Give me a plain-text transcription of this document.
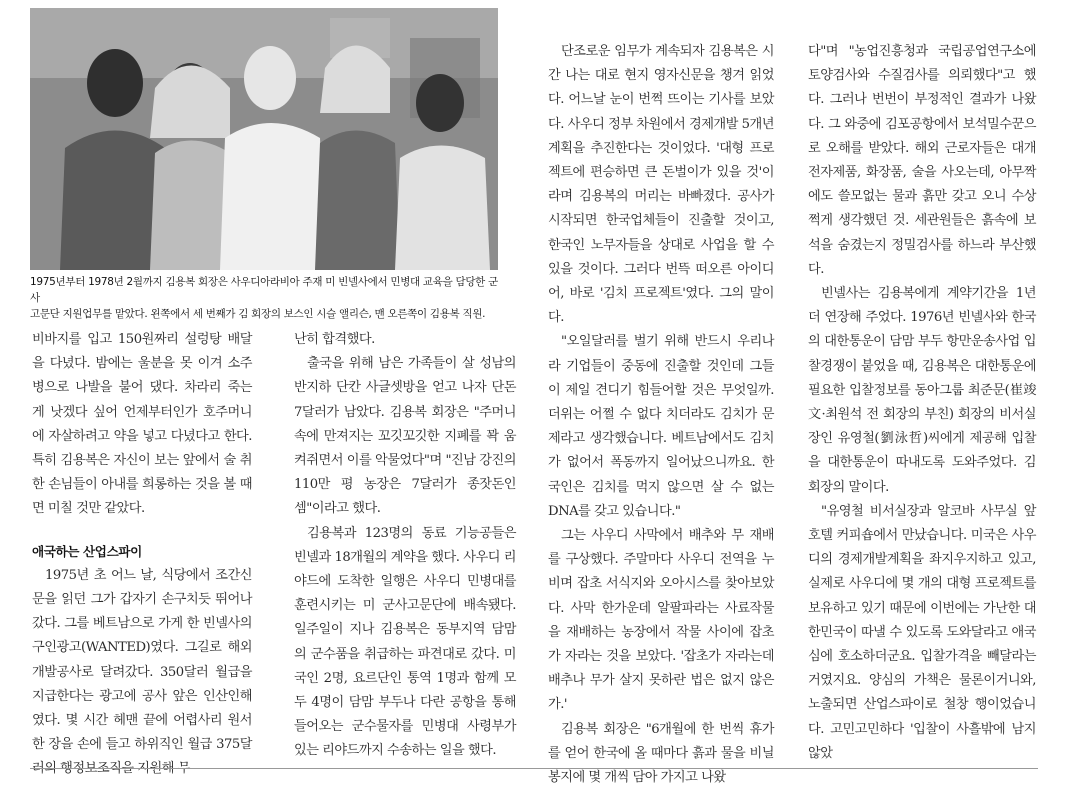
1975년부터 1978년 2월까지 김용복 회장은 사우디아라비아 주재 미 빈넬사에서 민병대 교육을 담당한 군사

고문단 지원업무를 맡았다. 왼쪽에서 세 번째가 김 회장의 보스인 시슬 앨리슨, 맨 오른쪽이 김용복 직원.

비바지를 입고 150원짜리 설렁탕 배달을 다녔다. 밤에는 울분을 못 이겨 소주병으로 나발을 불어 댔다. 차라리 죽는 게 낫겠다 싶어 언제부터인가 호주머니에 자살하려고 약을 넣고 다녔다고 한다. 특히 김용복은 자신이 보는 앞에서 술 취한 손님들이 아내를 희롱하는 것을 볼 때면 미칠 것만 같았다.

애국하는 산업스파이

1975년 초 어느 날, 식당에서 조간신문을 읽던 그가 갑자기 손구치듯 뛰어나갔다. 그를 베트남으로 가게 한 빈넬사의 구인광고(WANTED)였다. 그길로 해외개발공사로 달려갔다. 350달러 월급을 지급한다는 광고에 공사 앞은 인산인해였다. 몇 시간 헤맨 끝에 어렵사리 원서 한 장을 손에 들고 하위직인 월급 375달

난히 합격했다.

출국을 위해 남은 가족들이 살 성남의 반지하 단칸 사글셋방을 얻고 나자 단돈 7달러가 남았다. 김용복 회장은 "주머니 속에 만져지는 꼬깃꼬깃한 지폐를 꽉 움켜쥐면서 이를 악물었다"며 "진남 강진의 110만 평 농장은 7달러가 종잣돈인 셈"이라고 했다.

김용복과 123명의 동료 기능공들은 빈넬과 18개월의 계약을 했다. 사우디 리야드에 도착한 일행은 사우디 민병대를 훈련시키는 미 군사고문단에 배속됐다. 일주일이 지나 김용복은 동부지역 담맘의 군수품을 취급하는 파견대로 갔다. 미국인 2명, 요르단인 통역 1명과 함께 모두 4명이 담맘 부두나 다란 공항을 통해 들어오는 군수물자를 민병대 사령부가 있는 리야드까지 수송하는 일을 했다.

단조로운 임무가 계속되자 김용복은 시간 나는 대로 현지 영자신문을 챙겨 읽었다. 어느날 눈이 번쩍 뜨이는 기사를 보았다. 사우디 정부 차원에서 경제개발 5개년계획을 추진한다는 것이었다. '대형 프로젝트에 편승하면 큰 돈벌이가 있을 것'이라며 김용복의 머리는 바빠졌다. 공사가 시작되면 한국업체들이 진출할 것이고, 한국인 노무자들을 상대로 사업을 할 수 있을 것이다. 그러다 번뜩 떠오른 아이디어, 바로 '김치 프로젝트'였다. 그의 말이다.

"오일달러를 벌기 위해 반드시 우리나라 기업들이 중동에 진출할 것인데 그들이 제일 견디기 힘들어할 것은 무엇일까. 더위는 어쩔 수 없다 치더라도 김치가 문제라고 생각했습니다. 베트남에서도 김치가 없어서 폭동까지 일어났으니까요. 한국인은 김치를 먹지 않으면 살 수 없는 DNA를 갖고 있습니다."

그는 사우디 사막에서 배추와 무 재배를 구상했다. 주말마다 사우디 전역을 누비며 잡초 서식지와 오아시스를 찾아보았다. 사막 한가운데 알팔파라는 사료작물을 재배하는 농장에서 작물 사이에 잡초가 자라는 것을 보았다. '잡초가 자라는데 배추나 무가 살지 못하란 법은 없지 않은가.'

김용복 회장은 "6개월에 한 번씩 휴가를 얻어 한국에 올 때마다 흙과 물을 비닐봉지에 몇 개씩 담아 가지고 나왔

다"며 "농업진흥청과 국립공업연구소에 토양검사와 수질검사를 의뢰했다"고 했다. 그러나 번번이 부정적인 결과가 나왔다. 그 와중에 김포공항에서 보석밀수꾼으로 오해를 받았다. 해외 근로자들은 대개 전자제품, 화장품, 술을 사오는데, 아무짝에도 쓸모없는 물과 흙만 갖고 오니 수상쩍게 생각했던 것. 세관원들은 흙속에 보석을 숨겼는지 정밀검사를 하느라 부산했다.

빈넬사는 김용복에게 계약기간을 1년 더 연장해 주었다. 1976년 빈넬사와 한국의 대한통운이 담맘 부두 항만운송사업 입찰경쟁이 붙었을 때, 김용복은 대한통운에 필요한 입찰정보를 동아그룹 최준문(崔竣文·최원석 전 회장의 부친) 회장의 비서실장인 유영철(劉泳哲)씨에게 제공해 입찰을 대한통운이 따내도록 도와주었다. 김 회장의 말이다.

"유영철 비서실장과 알코바 사무실 앞 호텔 커피숍에서 만났습니다. 미국은 사우디의 경제개발계획을 좌지우지하고 있고, 실제로 사우디에 몇 개의 대형 프로젝트를 보유하고 있기 때문에 이번에는 가난한 대한민국이 따낼 수 있도록 도와달라고 애국심에 호소하더군요. 입찰가격을 빼달라는 거였지요. 양심의 가책은 물론이거니와, 노출되면 산업스파이로 철창 행이었습니다. 고민고민하다 '입찰이 사흘밖에 남지 않았
